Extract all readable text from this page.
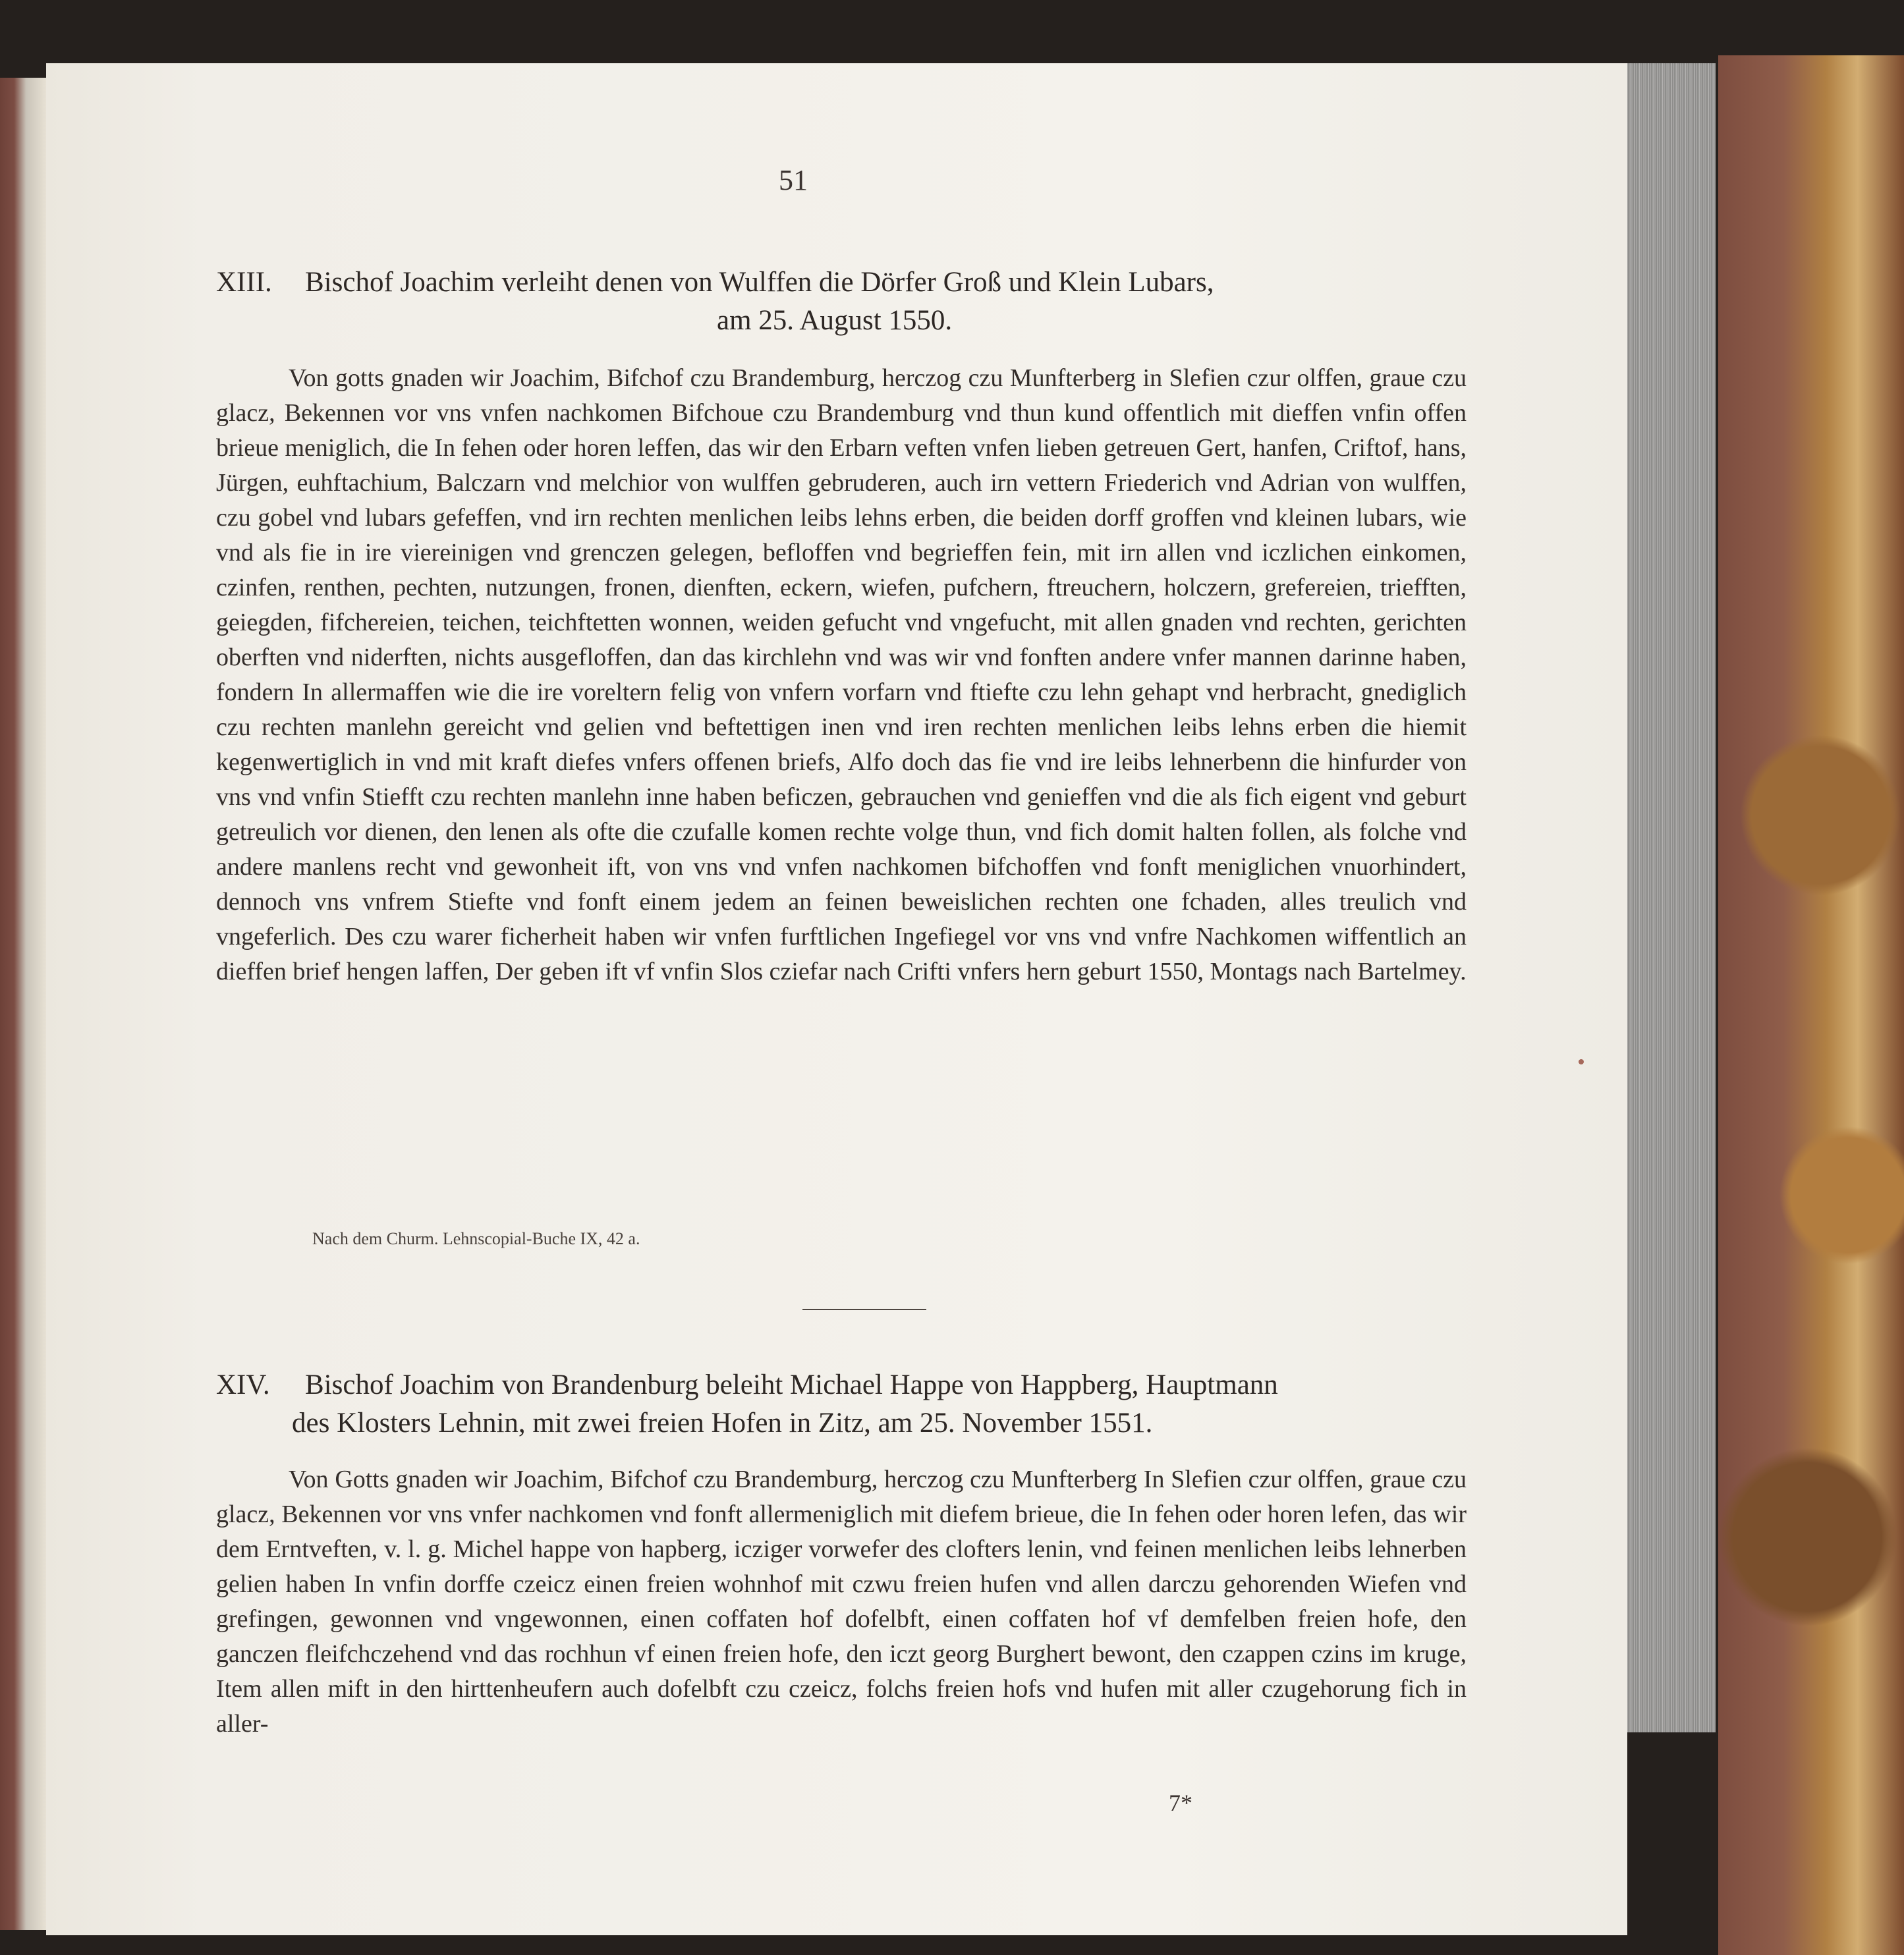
51
XIII. Bischof Joachim verleiht denen von Wulffen die Dörfer Groß und Klein Lubars,
am 25. August 1550.

Von gotts gnaden wir Joachim, Bifchof czu Brandemburg, herczog czu Munfterberg in Slefien czur olffen, graue czu glacz, Bekennen vor vns vnfen nachkomen Bifchoue czu Brandemburg vnd thun kund offentlich mit dieffen vnfin offen brieue meniglich, die In fehen oder horen leffen, das wir den Erbarn veften vnfen lieben getreuen Gert, hanfen, Criftof, hans, Jürgen, euhftachium, Balczarn vnd melchior von wulffen gebruderen, auch irn vettern Friederich vnd Adrian von wulffen, czu gobel vnd lubars gefeffen, vnd irn rechten menlichen leibs lehns erben, die beiden dorff groffen vnd kleinen lubars, wie vnd als fie in ire viereinigen vnd grenczen gelegen, befloffen vnd begrieffen fein, mit irn allen vnd iczlichen einkomen, czinfen, renthen, pechten, nutzungen, fronen, dienften, eckern, wiefen, pufchern, ftreuchern, holczern, grefereien, triefften, geiegden, fifchereien, teichen, teichftetten wonnen, weiden gefucht vnd vngefucht, mit allen gnaden vnd rechten, gerichten oberften vnd niderften, nichts ausgefloffen, dan das kirchlehn vnd was wir vnd fonften andere vnfer mannen darinne haben, fondern In allermaffen wie die ire voreltern felig von vnfern vorfarn vnd ftiefte czu lehn gehapt vnd herbracht, gnediglich czu rechten manlehn gereicht vnd gelien vnd beftettigen inen vnd iren rechten menlichen leibs lehns erben die hiemit kegenwertiglich in vnd mit kraft diefes vnfers offenen briefs, Alfo doch das fie vnd ire leibs lehnerbenn die hinfurder von vns vnd vnfin Stiefft czu rechten manlehn inne haben beficzen, gebrauchen vnd genieffen vnd die als fich eigent vnd geburt getreulich vor dienen, den lenen als ofte die czufalle komen rechte volge thun, vnd fich domit halten follen, als folche vnd andere manlens recht vnd gewonheit ift, von vns vnd vnfen nachkomen bifchoffen vnd fonft meniglichen vnuorhindert, dennoch vns vnfrem Stiefte vnd fonft einem jedem an feinen beweislichen rechten one fchaden, alles treulich vnd vngeferlich. Des czu warer ficherheit haben wir vnfen furftlichen Ingefiegel vor vns vnd vnfre Nachkomen wiffentlich an dieffen brief hengen laffen, Der geben ift vf vnfin Slos cziefar nach Crifti vnfers hern geburt 1550, Montags nach Bartelmey.

Nach dem Churm. Lehnscopial-Buche IX, 42 a.
XIV. Bischof Joachim von Brandenburg beleiht Michael Happe von Happberg, Hauptmann
des Klosters Lehnin, mit zwei freien Hofen in Zitz, am 25. November 1551.

Von Gotts gnaden wir Joachim, Bifchof czu Brandemburg, herczog czu Munfterberg In Slefien czur olffen, graue czu glacz, Bekennen vor vns vnfer nachkomen vnd fonft allermeniglich mit diefem brieue, die In fehen oder horen lefen, das wir dem Erntveften, v. l. g. Michel happe von hapberg, icziger vorwefer des clofters lenin, vnd feinen menlichen leibs lehnerben gelien haben In vnfin dorffe czeicz einen freien wohnhof mit czwu freien hufen vnd allen darczu gehorenden Wiefen vnd grefingen, gewonnen vnd vngewonnen, einen coffaten hof dofelbft, einen coffaten hof vf demfelben freien hofe, den ganczen fleifchczehend vnd das rochhun vf einen freien hofe, den iczt georg Burghert bewont, den czappen czins im kruge, Item allen mift in den hirttenheufern auch dofelbft czu czeicz, folchs freien hofs vnd hufen mit aller czugehorung fich in aller-

7*
